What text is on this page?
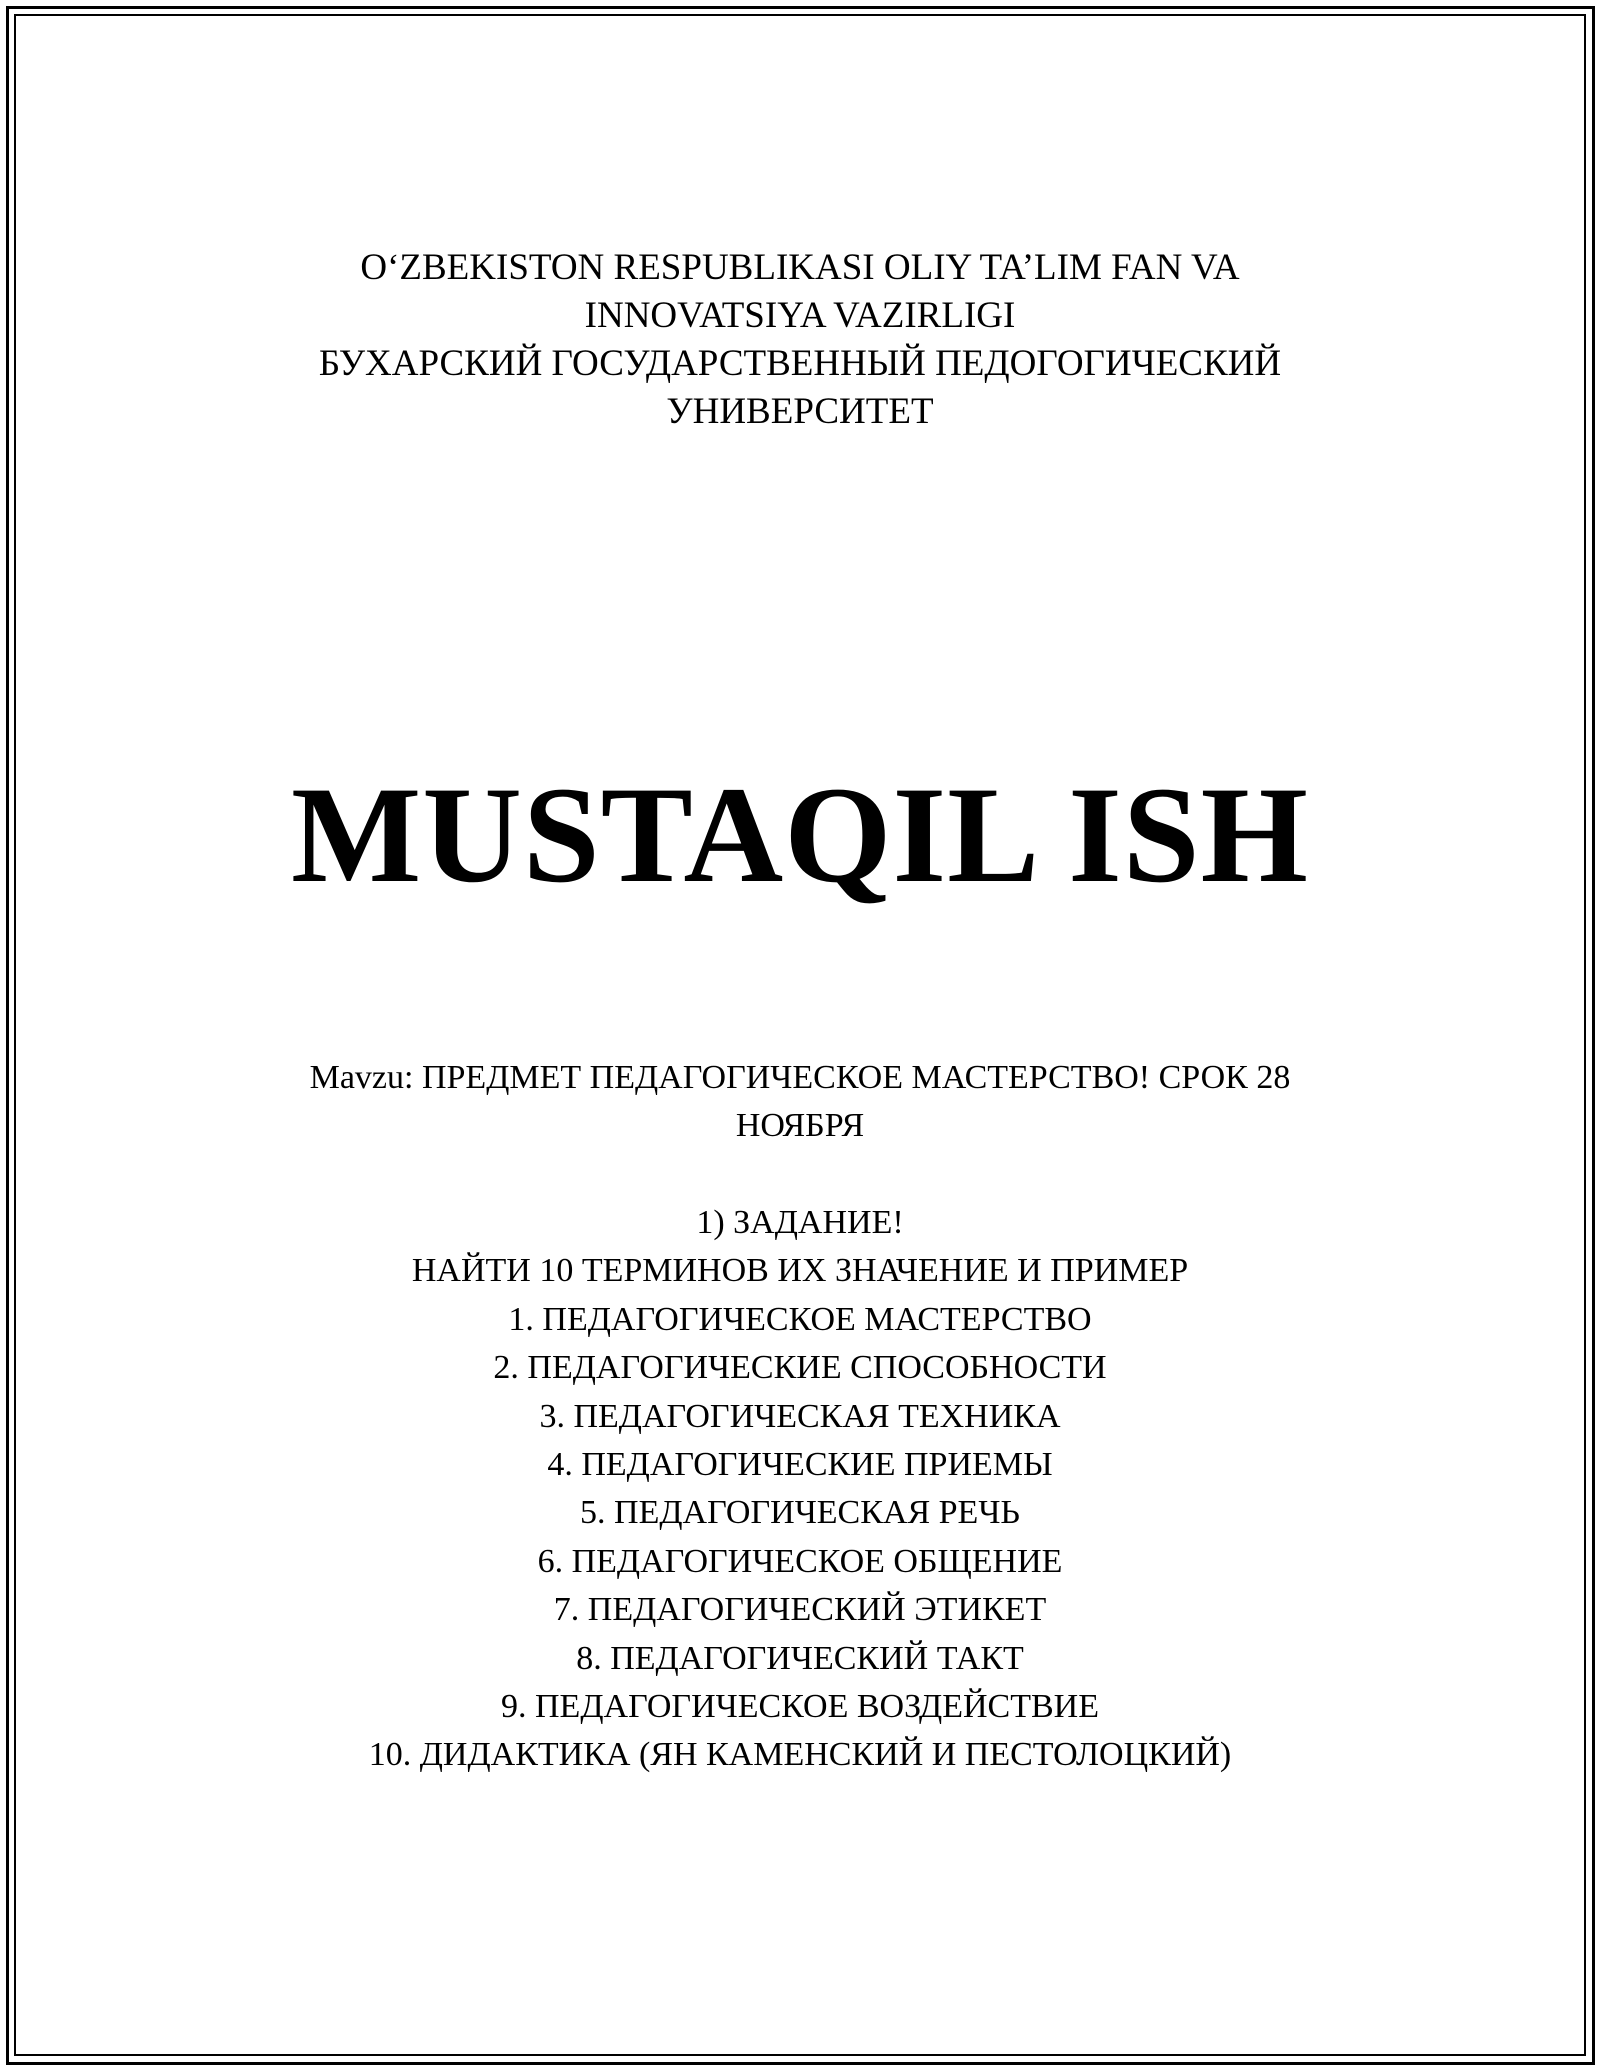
O‘ZBEKISTON RESPUBLIKASI OLIY TA’LIM FAN VA
INNOVATSIYA VAZIRLIGI
БУХАРСКИЙ ГОСУДАРСТВЕННЫЙ ПЕДОГОГИЧЕСКИЙ
УНИВЕРСИТЕТ
MUSTAQIL ISH
Mavzu: ПРЕДМЕТ ПЕДАГОГИЧЕСКОЕ МАСТЕРСТВО! СРОК 28
НОЯБРЯ
1) ЗАДАНИЕ!
НАЙТИ 10 ТЕРМИНОВ ИХ ЗНАЧЕНИЕ И ПРИМЕР
1. ПЕДАГОГИЧЕСКОЕ МАСТЕРСТВО
2. ПЕДАГОГИЧЕСКИЕ СПОСОБНОСТИ
3. ПЕДАГОГИЧЕСКАЯ ТЕХНИКА
4. ПЕДАГОГИЧЕСКИЕ ПРИЕМЫ
5. ПЕДАГОГИЧЕСКАЯ РЕЧЬ
6. ПЕДАГОГИЧЕСКОЕ ОБЩЕНИЕ
7. ПЕДАГОГИЧЕСКИЙ ЭТИКЕТ
8. ПЕДАГОГИЧЕСКИЙ ТАКТ
9. ПЕДАГОГИЧЕСКОЕ ВОЗДЕЙСТВИЕ
10. ДИДАКТИКА (ЯН КАМЕНСКИЙ И ПЕСТОЛОЦКИЙ)
